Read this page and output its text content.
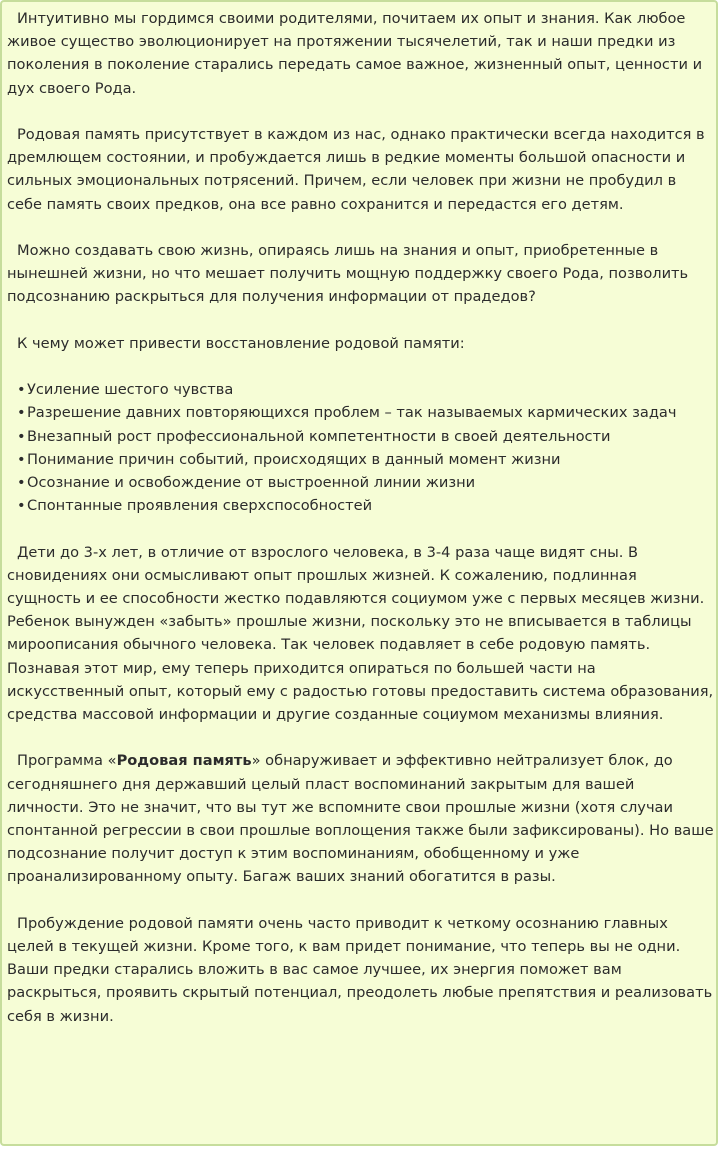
Интуитивно мы гордимся своими родителями, почитаем их опыт и знания. Как любое живое существо эволюционирует на протяжении тысячелетий, так и наши предки из поколения в поколение старались передать самое важное, жизненный опыт, ценности и дух своего Рода.

Родовая память присутствует в каждом из нас, однако практически всегда находится в дремлющем состоянии, и пробуждается лишь в редкие моменты большой опасности и сильных эмоциональных потрясений. Причем, если человек при жизни не пробудил в себе память своих предков, она все равно сохранится и передастся его детям.

Можно создавать свою жизнь, опираясь лишь на знания и опыт, приобретенные в нынешней жизни, но что мешает получить мощную поддержку своего Рода, позволить подсознанию раскрыться для получения информации от прадедов?

К чему может привести восстановление родовой памяти:

•Усиление шестого чувства
•Разрешение давних повторяющихся проблем – так называемых кармических задач
•Внезапный рост профессиональной компетентности в своей деятельности
•Понимание причин событий, происходящих в данный момент жизни
•Осознание и освобождение от выстроенной линии жизни
•Спонтанные проявления сверхспособностей

Дети до 3-х лет, в отличие от взрослого человека, в 3-4 раза чаще видят сны. В сновидениях они осмысливают опыт прошлых жизней. К сожалению, подлинная сущность и ее способности жестко подавляются социумом уже с первых месяцев жизни. Ребенок вынужден «забыть» прошлые жизни, поскольку это не вписывается в таблицы мироописания обычного человека. Так человек подавляет в себе родовую память. Познавая этот мир, ему теперь приходится опираться по большей части на искусственный опыт, который ему с радостью готовы предоставить система образования, средства массовой информации и другие созданные социумом механизмы влияния.

Программа «Родовая память» обнаруживает и эффективно нейтрализует блок, до сегодняшнего дня державший целый пласт воспоминаний закрытым для вашей личности. Это не значит, что вы тут же вспомните свои прошлые жизни (хотя случаи спонтанной регрессии в свои прошлые воплощения также были зафиксированы). Но ваше подсознание получит доступ к этим воспоминаниям, обобщенному и уже проанализированному опыту. Багаж ваших знаний обогатится в разы.

Пробуждение родовой памяти очень часто приводит к четкому осознанию главных целей в текущей жизни. Кроме того, к вам придет понимание, что теперь вы не одни. Ваши предки старались вложить в вас самое лучшее, их энергия поможет вам раскрыться, проявить скрытый потенциал, преодолеть любые препятствия и реализовать себя в жизни.
